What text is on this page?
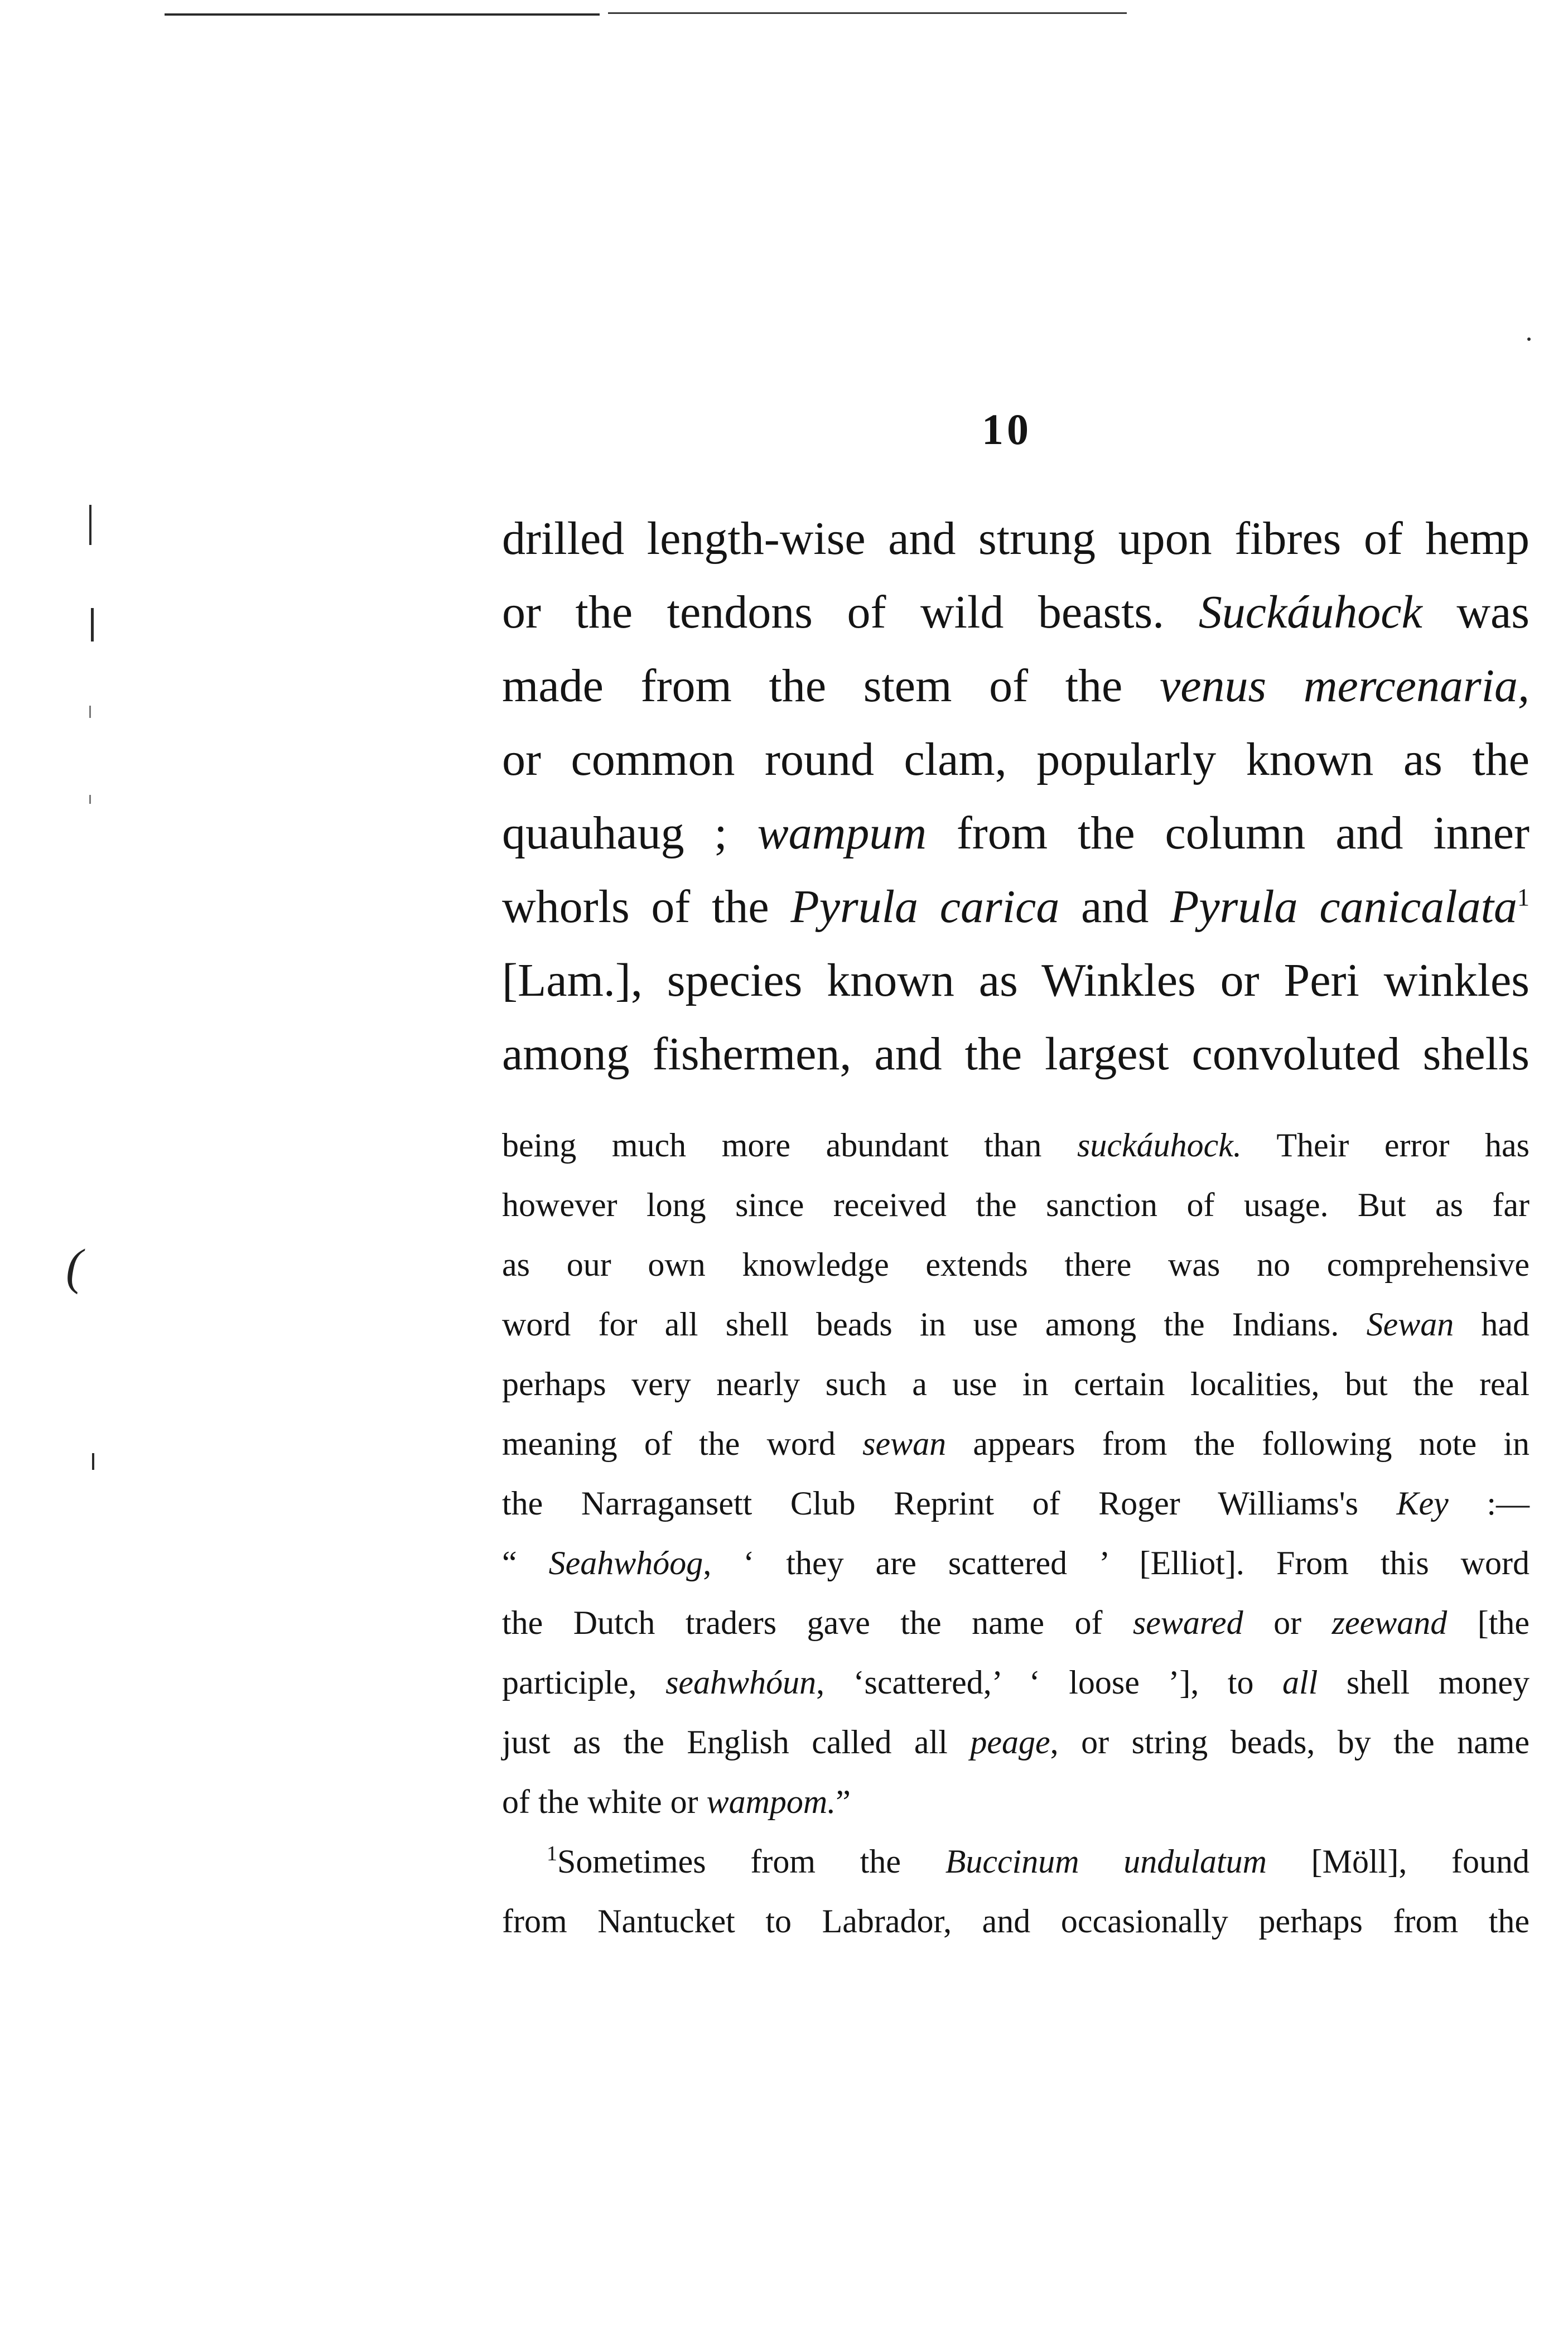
(
10
drilled length-wise and strung upon fibres of hemp
or the tendons of wild beasts. Suckáuhock was
made from the stem of the venus mercenaria,
or common round clam, popularly known as the
quauhaug ; wampum from the column and inner
whorls of the Pyrula carica and Pyrula canicalata$^1$
[Lam.], species known as Winkles or Peri winkles
among fishermen, and the largest convoluted shells
being much more abundant than suckáuhock. Their error has
however long since received the sanction of usage. But as far
as our own knowledge extends there was no comprehensive
word for all shell beads in use among the Indians. Sewan had
perhaps very nearly such a use in certain localities, but the real
meaning of the word sewan appears from the following note in
the Narragansett Club Reprint of Roger Williams's Key :—
“ Seahwhóog, ‘ they are scattered ’ [Elliot]. From this word
the Dutch traders gave the name of sewared or zeewand [the
participle, seahwhóun, ‘scattered,’ ‘ loose ’], to all shell money
just as the English called all peage, or string beads, by the name
of the white or wampom.”
$^1$Sometimes from the Buccinum undulatum [Möll], found
from Nantucket to Labrador, and occasionally perhaps from the
